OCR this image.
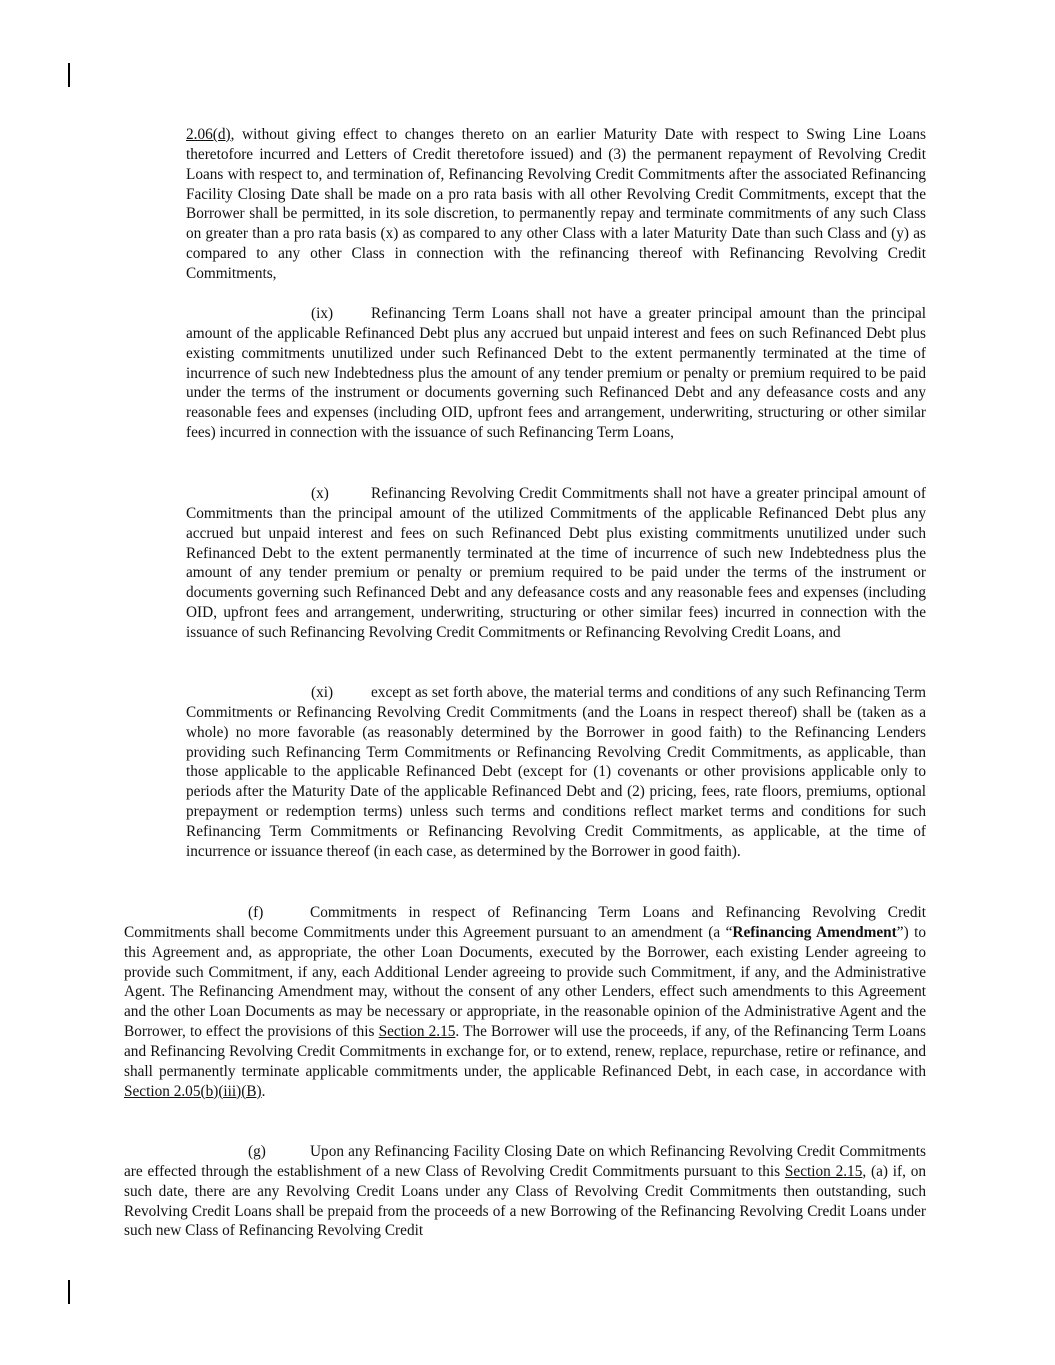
2.06(d), without giving effect to changes thereto on an earlier Maturity Date with respect to Swing Line Loans theretofore incurred and Letters of Credit theretofore issued) and (3) the permanent repayment of Revolving Credit Loans with respect to, and termination of, Refinancing Revolving Credit Commitments after the associated Refinancing Facility Closing Date shall be made on a pro rata basis with all other Revolving Credit Commitments, except that the Borrower shall be permitted, in its sole discretion, to permanently repay and terminate commitments of any such Class on greater than a pro rata basis (x) as compared to any other Class with a later Maturity Date than such Class and (y) as compared to any other Class in connection with the refinancing thereof with Refinancing Revolving Credit Commitments,

(ix) Refinancing Term Loans shall not have a greater principal amount than the principal amount of the applicable Refinanced Debt plus any accrued but unpaid interest and fees on such Refinanced Debt plus existing commitments unutilized under such Refinanced Debt to the extent permanently terminated at the time of incurrence of such new Indebtedness plus the amount of any tender premium or penalty or premium required to be paid under the terms of the instrument or documents governing such Refinanced Debt and any defeasance costs and any reasonable fees and expenses (including OID, upfront fees and arrangement, underwriting, structuring or other similar fees) incurred in connection with the issuance of such Refinancing Term Loans,

(x)	Refinancing Revolving Credit Commitments shall not have a greater principal amount of Commitments than the principal amount of the utilized Commitments of the applicable Refinanced Debt plus any accrued but unpaid interest and fees on such Refinanced Debt plus existing commitments unutilized under such Refinanced Debt to the extent permanently terminated at the time of incurrence of such new Indebtedness plus the amount of any tender premium or penalty or premium required to be paid under the terms of the instrument or documents governing such Refinanced Debt and any defeasance costs and any reasonable fees and expenses (including OID, upfront fees and arrangement, underwriting, structuring or other similar fees) incurred in connection with the issuance of such Refinancing Revolving Credit Commitments or Refinancing Revolving Credit Loans, and

(xi) except as set forth above, the material terms and conditions of any such Refinancing Term Commitments or Refinancing Revolving Credit Commitments (and the Loans in respect thereof) shall be (taken as a whole) no more favorable (as reasonably determined by the Borrower in good faith) to the Refinancing Lenders providing such Refinancing Term Commitments or Refinancing Revolving Credit Commitments, as applicable, than those applicable to the applicable Refinanced Debt (except for (1) covenants or other provisions applicable only to periods after the Maturity Date of the applicable Refinanced Debt and (2) pricing, fees, rate floors, premiums, optional prepayment or redemption terms) unless such terms and conditions reflect market terms and conditions for such Refinancing Term Commitments or Refinancing Revolving Credit Commitments, as applicable, at the time of incurrence or issuance thereof (in each case, as determined by the Borrower in good faith).

(f)	Commitments in respect of Refinancing Term Loans and Refinancing Revolving Credit Commitments shall become Commitments under this Agreement pursuant to an amendment (a “Refinancing Amendment”) to this Agreement and, as appropriate, the other Loan Documents, executed by the Borrower, each existing Lender agreeing to provide such Commitment, if any, each Additional Lender agreeing to provide such Commitment, if any, and the Administrative Agent. The Refinancing Amendment may, without the consent of any other Lenders, effect such amendments to this Agreement and the other Loan Documents as may be necessary or appropriate, in the reasonable opinion of the Administrative Agent and the Borrower, to effect the provisions of this Section 2.15. The Borrower will use the proceeds, if any, of the Refinancing Term Loans and Refinancing Revolving Credit Commitments in exchange for, or to extend, renew, replace, repurchase, retire or refinance, and shall permanently terminate applicable commitments under, the applicable Refinanced Debt, in each case, in accordance with Section 2.05(b)(iii)(B).

(g)	Upon any Refinancing Facility Closing Date on which Refinancing Revolving Credit Commitments are effected through the establishment of a new Class of Revolving Credit Commitments pursuant to this Section 2.15, (a) if, on such date, there are any Revolving Credit Loans under any Class of Revolving Credit Commitments then outstanding, such Revolving Credit Loans shall be prepaid from the proceeds of a new Borrowing of the Refinancing Revolving Credit Loans under such new Class of Refinancing Revolving Credit
